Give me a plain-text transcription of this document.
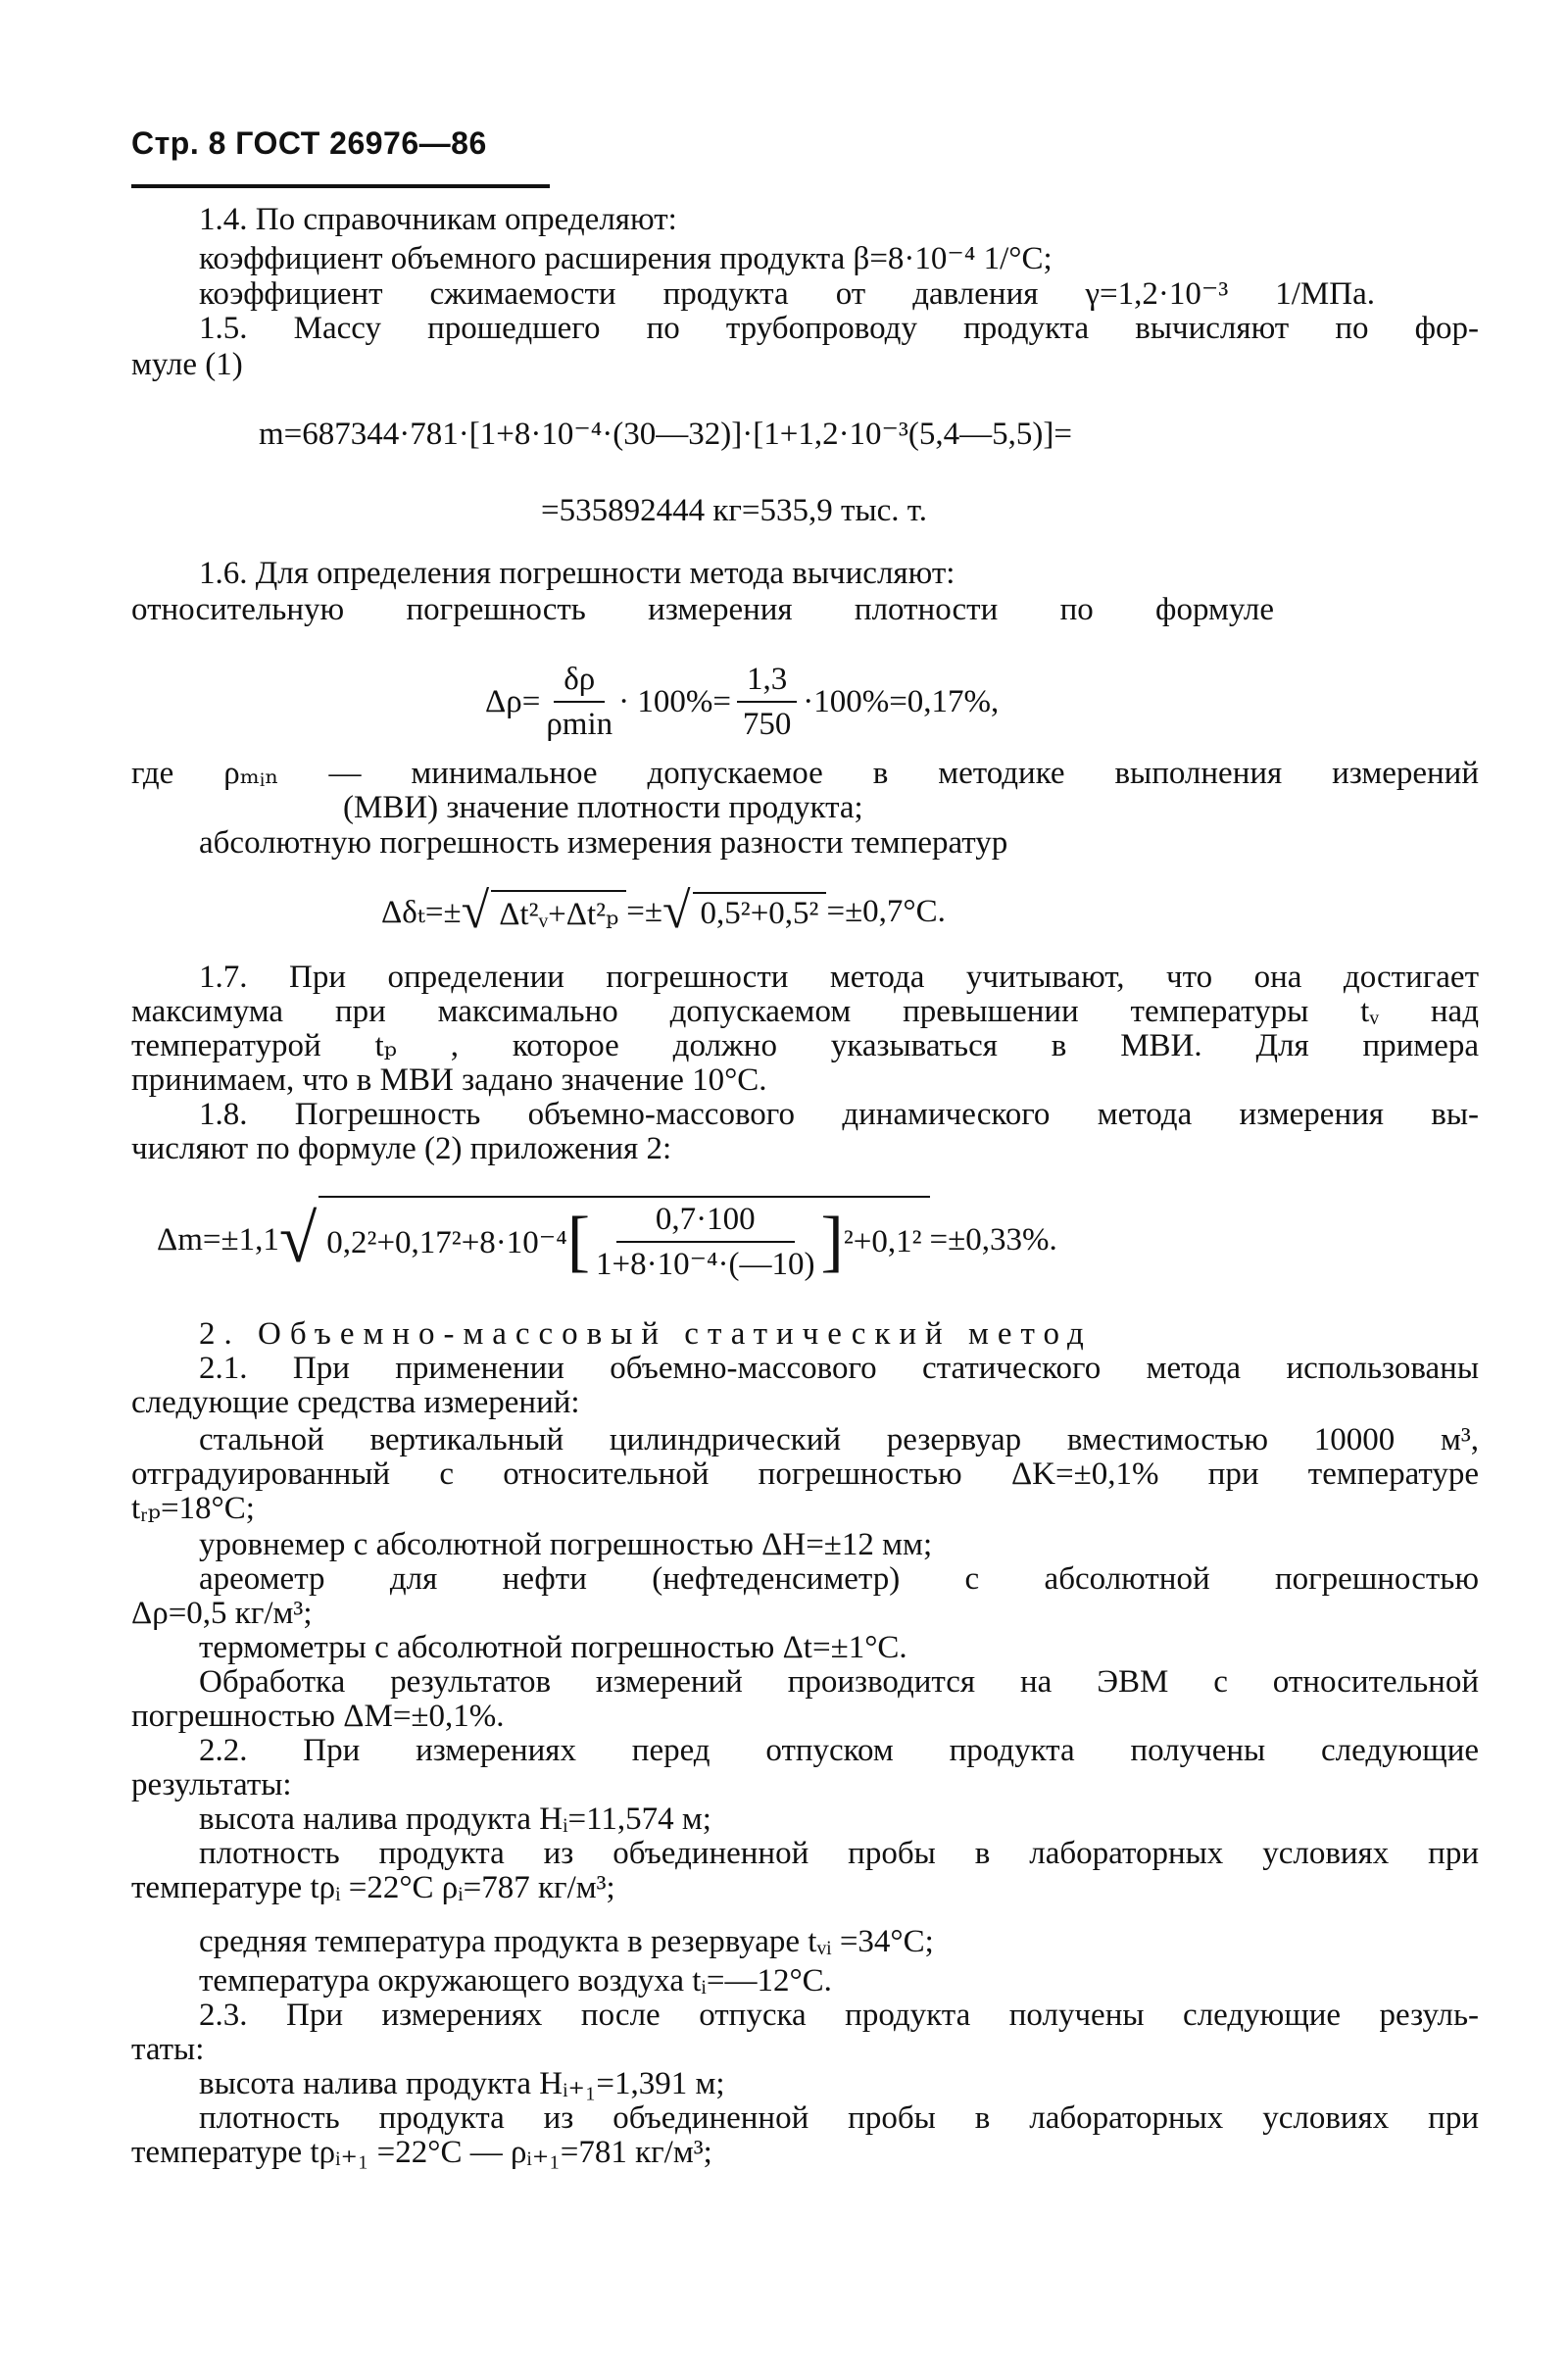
Стр. 8 ГОСТ 26976—86
1.4. По справочникам определяют:
коэффициент объемного расширения продукта β=8·10⁻⁴ 1/°C;
коэффициент сжимаемости продукта от давления γ=1,2·10⁻³ 1/МПа.
1.5. Массу прошедшего по трубопроводу продукта вычисляют по фор-
муле (1)
m=687344·781·[1+8·10⁻⁴·(30—32)]·[1+1,2·10⁻³(5,4—5,5)]=
=535892444 кг=535,9 тыс. т.
1.6. Для определения погрешности метода вычисляют:
относительную погрешность измерения плотности по формуле
$\Delta\rho= \frac{\delta\rho}{\rho\min} \cdot 100\%= \frac{1,3}{750} \cdot 100\%=0,17\%$,
где ρₘᵢₙ — минимальное допускаемое в методике выполнения измерений
(МВИ) значение плотности продукта;
абсолютную погрешность измерения разности температур
Δδₜ=± √ Δt²ᵥ+Δt²ₚ =± √ 0,5²+0,5² =±0,7°C.
1.7. При определении погрешности метода учитывают, что она достигает
максимума при максимально допускаемом превышении температуры tᵥ над
температурой tₚ , которое должно указываться в МВИ. Для примера
принимаем, что в МВИ задано значение 10°C.
1.8. Погрешность объемно-массового динамического метода измерения вы-
числяют по формуле (2) приложения 2:
Δm=±1,1 √ 0,2²+0,17²+8·10⁻⁴ [ $\frac{0,7\cdot 100}{\text{1+8·10⁻⁴·(—10)}}$ ] ²+0,1² =±0,33%.
2. Объемно-массовый статический метод
2.1. При применении объемно-массового статического метода использованы
следующие средства измерений:
стальной вертикальный цилиндрический резервуар вместимостью 10000 м³,
отградуированный с относительной погрешностью ΔK=±0,1% при температуре
tᵣₚ=18°C;
уровнемер с абсолютной погрешностью ΔH=±12 мм;
ареометр для нефти (нефтеденсиметр) с абсолютной погрешностью
Δρ=0,5 кг/м³;
термометры с абсолютной погрешностью Δt=±1°C.
Обработка результатов измерений производится на ЭВМ с относительной
погрешностью ΔM=±0,1%.
2.2. При измерениях перед отпуском продукта получены следующие
результаты:
высота налива продукта Hᵢ=11,574 м;
плотность продукта из объединенной пробы в лабораторных условиях при
температуре tρᵢ =22°C ρᵢ=787 кг/м³;
средняя температура продукта в резервуаре tᵥᵢ =34°C;
температура окружающего воздуха tᵢ=—12°C.
2.3. При измерениях после отпуска продукта получены следующие резуль-
таты:
высота налива продукта Hᵢ₊₁=1,391 м;
плотность продукта из объединенной пробы в лабораторных условиях при
температуре tρᵢ₊₁ =22°C — ρᵢ₊₁=781 кг/м³;
